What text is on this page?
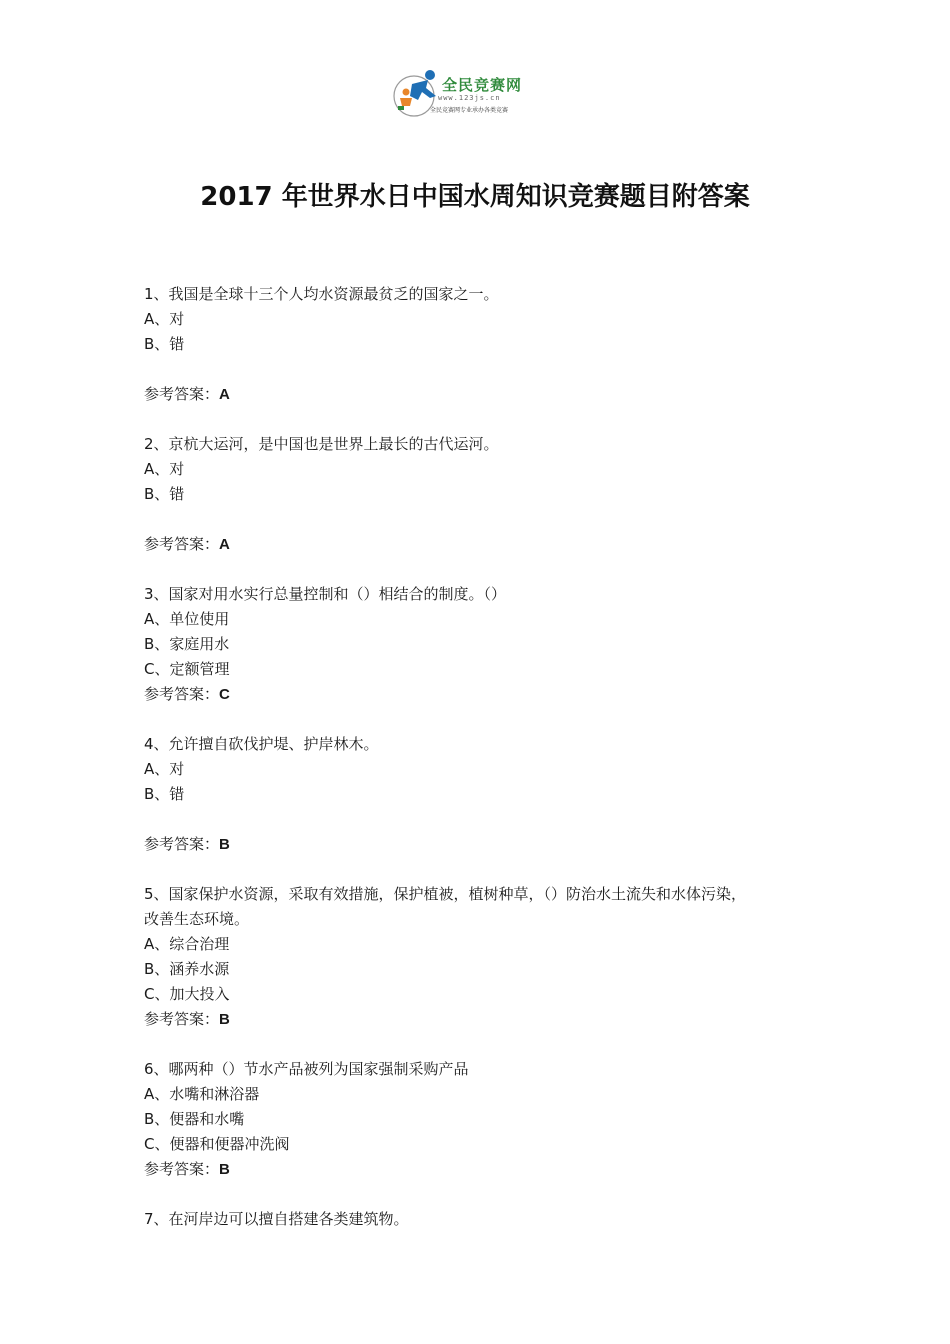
全民竞赛网
www.123js.cn
全民竞赛网专业承办各类竞赛
2017 年世界水日中国水周知识竞赛题目附答案
1、我国是全球十三个人均水资源最贫乏的国家之一。
A、对
B、错
参考答案：A
2、京杭大运河，是中国也是世界上最长的古代运河。
A、对
B、错
参考答案：A
3、国家对用水实行总量控制和（）相结合的制度。（）
A、单位使用
B、家庭用水
C、定额管理
参考答案：C
4、允许擅自砍伐护堤、护岸林木。
A、对
B、错
参考答案：B
5、国家保护水资源，采取有效措施，保护植被，植树种草，（）防治水土流失和水体污染，
改善生态环境。
A、综合治理
B、涵养水源
C、加大投入
参考答案：B
6、哪两种（）节水产品被列为国家强制采购产品
A、水嘴和淋浴器
B、便器和水嘴
C、便器和便器冲洗阀
参考答案：B
7、在河岸边可以擅自搭建各类建筑物。
